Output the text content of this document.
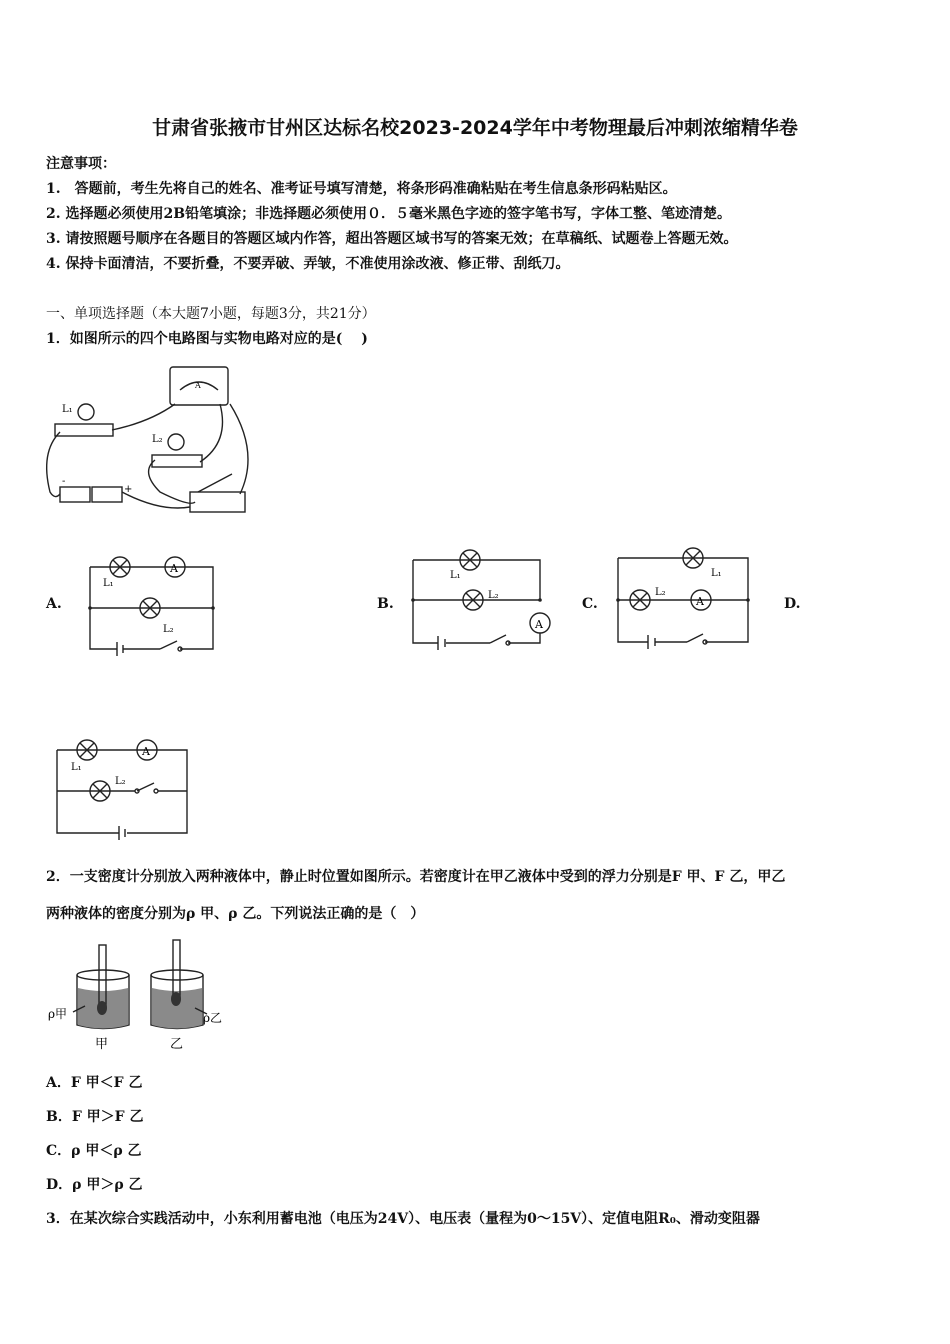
甘肃省张掖市甘州区达标名校2023-2024学年中考物理最后冲刺浓缩精华卷
注意事项：
1.　答题前，考生先将自己的姓名、准考证号填写清楚，将条形码准确粘贴在考生信息条形码粘贴区。
2. 选择题必须使用2B铅笔填涂；非选择题必须使用０．５毫米黑色字迹的签字笔书写，字体工整、笔迹清楚。
3. 请按照题号顺序在各题目的答题区域内作答，超出答题区域书写的答案无效；在草稿纸、试题卷上答题无效。
4. 保持卡面清洁，不要折叠，不要弄破、弄皱，不准使用涂改液、修正带、刮纸刀。
一、单项选择题（本大题7小题，每题3分，共21分）
1．如图所示的四个电路图与实物电路对应的是(　 )
A
L₁
L₂
-
+
A.
A
L₁
L₂
B.
A
L₁
L₂
C.	A
L₁
L₂
D.
A
L₁
L₂
2．一支密度计分别放入两种液体中，静止时位置如图所示。若密度计在甲乙液体中受到的浮力分别是F 甲、F 乙，甲乙
两种液体的密度分别为ρ 甲、ρ 乙。下列说法正确的是（　）
ρ甲
甲
ρ乙
乙
A．F 甲＜F 乙
B．F 甲＞F 乙
C．ρ 甲＜ρ 乙
D．ρ 甲＞ρ 乙
3．在某次综合实践活动中，小东利用蓄电池（电压为24V）、电压表（量程为0～15V）、定值电阻R₀、滑动变阻器
